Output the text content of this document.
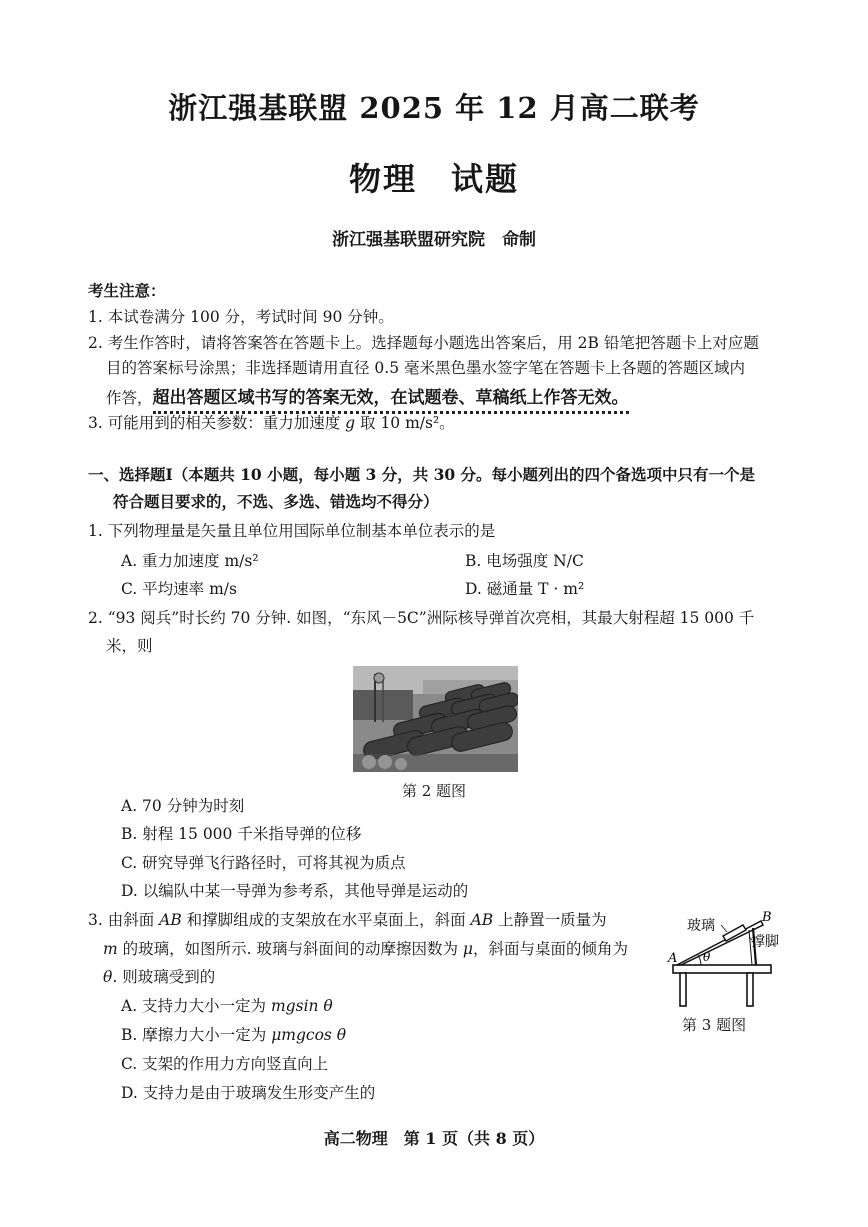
浙江强基联盟 2025 年 12 月高二联考
物理　试题
浙江强基联盟研究院　命制
考生注意：
1. 本试卷满分 100 分，考试时间 90 分钟。
2. 考生作答时，请将答案答在答题卡上。选择题每小题选出答案后，用 2B 铅笔把答题卡上对应题
目的答案标号涂黑；非选择题请用直径 0.5 毫米黑色墨水签字笔在答题卡上各题的答题区域内
作答，超出答题区域书写的答案无效，在试题卷、草稿纸上作答无效。
3. 可能用到的相关参数：重力加速度 g 取 10 m/s²。
一、选择题Ⅰ（本题共 10 小题，每小题 3 分，共 30 分。每小题列出的四个备选项中只有一个是
符合题目要求的，不选、多选、错选均不得分）
1. 下列物理量是矢量且单位用国际单位制基本单位表示的是
A. 重力加速度 m/s²	B. 电场强度 N/C
C. 平均速率 m/s	D. 磁通量 T · m²
2. “93 阅兵”时长约 70 分钟. 如图，“东风－5C”洲际核导弹首次亮相，其最大射程超 15 000 千
米，则
第 2 题图
A. 70 分钟为时刻
B. 射程 15 000 千米指导弹的位移
C. 研究导弹飞行路径时，可将其视为质点
D. 以编队中某一导弹为参考系，其他导弹是运动的
3. 由斜面 AB 和撑脚组成的支架放在水平桌面上，斜面 AB 上静置一质量为
m 的玻璃，如图所示. 玻璃与斜面间的动摩擦因数为 μ，斜面与桌面的倾角为
θ. 则玻璃受到的
A. 支持力大小一定为 mgsin θ
B. 摩擦力大小一定为 μmgcos θ
C. 支架的作用力方向竖直向上
D. 支持力是由于玻璃发生形变产生的
玻璃
B
撑脚
A θ
第 3 题图
高二物理　第 1 页（共 8 页）
